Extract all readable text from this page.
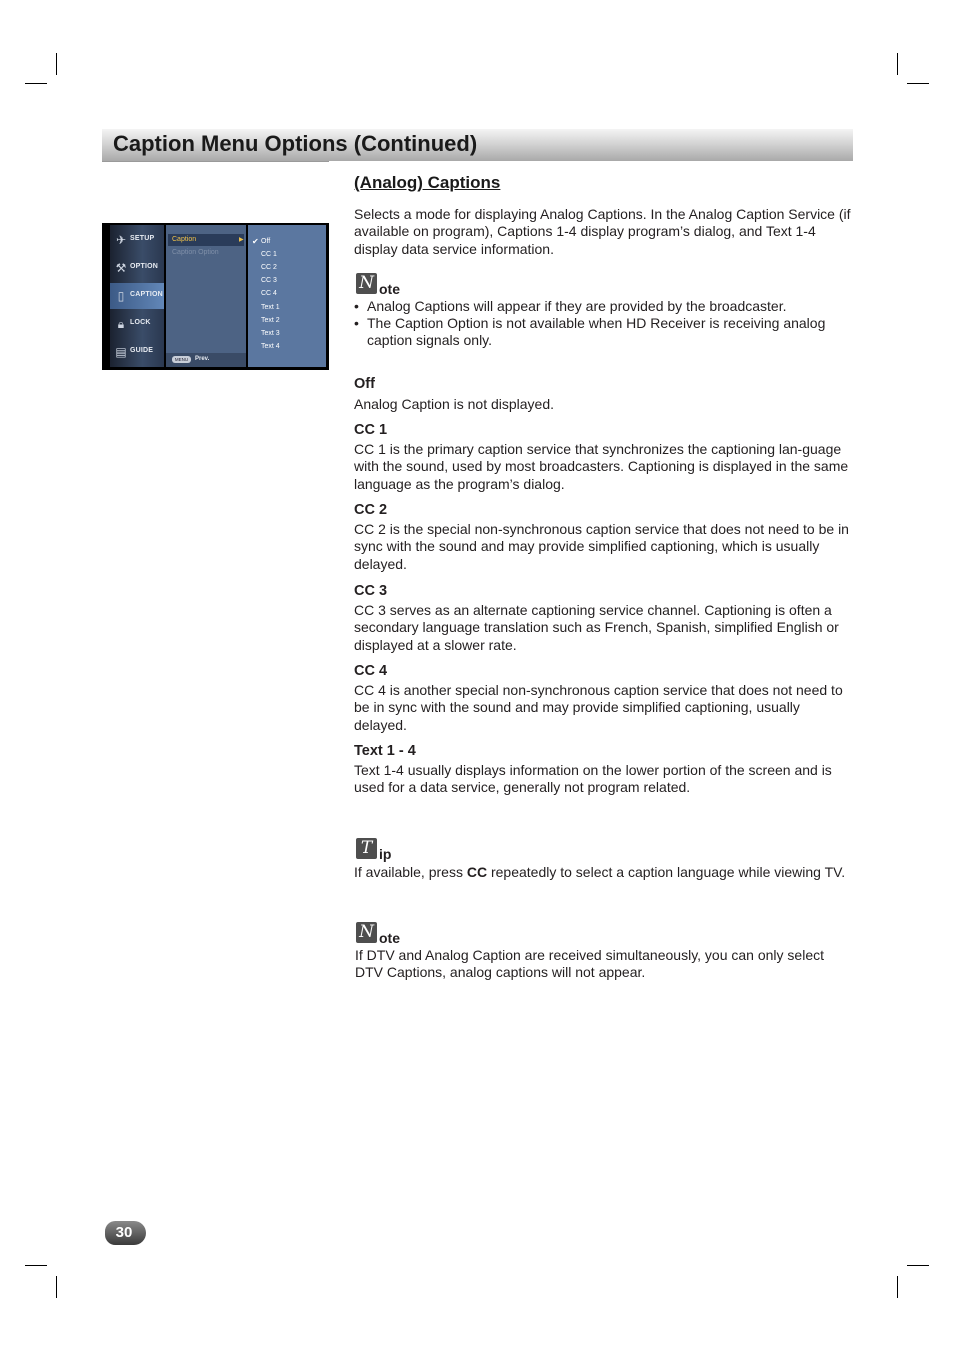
Caption Menu Options (Continued)
✈ SETUP
⚒ OPTION
▯ CAPTION
🔒︎ LOCK
▤ GUIDE
Caption	▶
Caption Option
MENU	Prev.
✔ Off
CC 1
CC 2
CC 3
CC 4
Text 1
Text 2
Text 3
Text 4
(Analog) Captions

Selects a mode for displaying Analog Captions. In the Analog Caption Service (if available on program), Captions 1-4 display program’s dialog, and Text 1-4 display data service information.

N ote
• Analog Captions will appear if they are provided by the broadcaster.
• The Caption Option is not available when HD Receiver is receiving analog caption signals only.
Off

Analog Caption is not displayed.

CC 1

CC 1 is the primary caption service that synchronizes the captioning lan-guage with the sound, used by most broadcasters. Captioning is displayed in the same language as the program’s dialog.

CC 2

CC 2 is the special non-synchronous caption service that does not need to be in sync with the sound and may provide simplified captioning, which is usually delayed.

CC 3

CC 3 serves as an alternate captioning service channel. Captioning is often a secondary language translation such as French, Spanish, simplified English or displayed at a slower rate.

CC 4

CC 4 is another special non-synchronous caption service that does not need to be in sync with the sound and may provide simplified captioning, usually delayed.

Text 1 - 4

Text 1-4 usually displays information on the lower portion of the screen and is used for a data service, generally not program related.

T ip

If available, press CC repeatedly to select a caption language while viewing TV.

N ote

If DTV and Analog Caption are received simultaneously, you can only select DTV Captions, analog captions will not appear.

30
